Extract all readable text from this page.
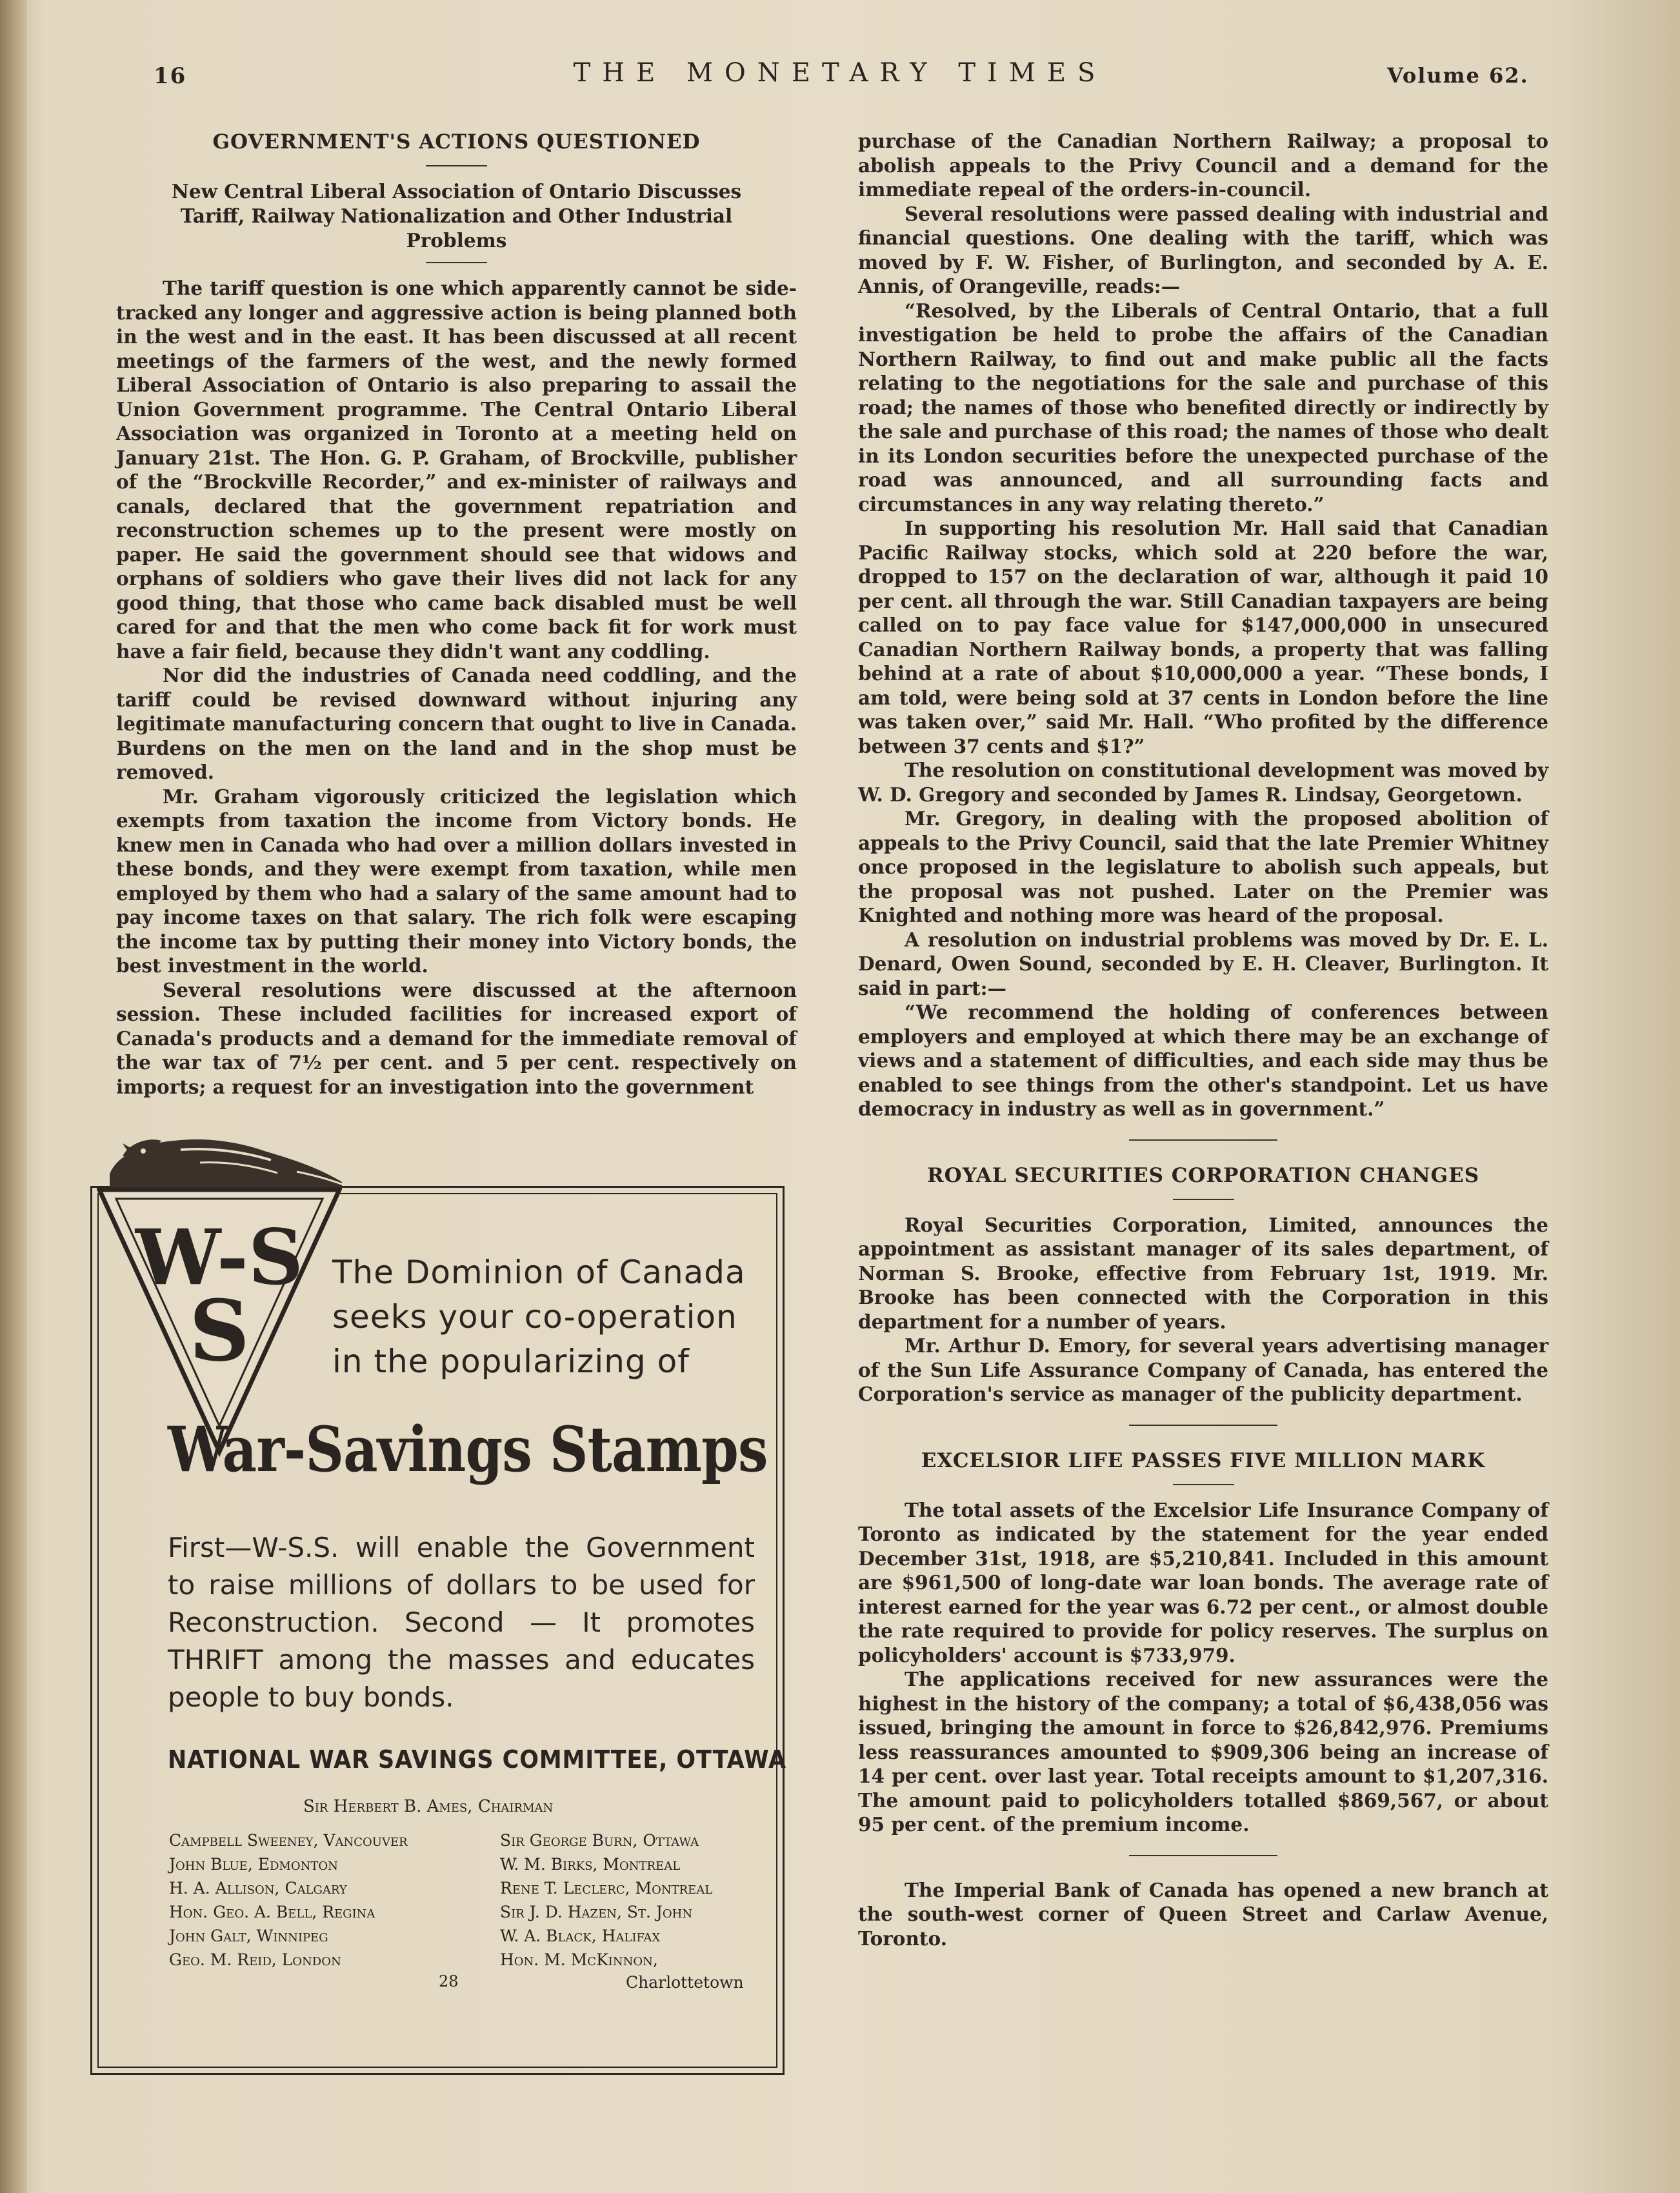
16	THE MONETARY TIMES	Volume 62.
GOVERNMENT'S ACTIONS QUESTIONED
New Central Liberal Association of Ontario Discusses Tariff, Railway Nationalization and Other Industrial Problems

The tariff question is one which apparently cannot be side-tracked any longer and aggressive action is being planned both in the west and in the east. It has been discussed at all recent meetings of the farmers of the west, and the newly formed Liberal Association of Ontario is also preparing to assail the Union Government programme. The Central Ontario Liberal Association was organized in Toronto at a meeting held on January 21st. The Hon. G. P. Graham, of Brockville, publisher of the “Brockville Recorder,” and ex-minister of railways and canals, declared that the government repatriation and reconstruction schemes up to the present were mostly on paper. He said the government should see that widows and orphans of soldiers who gave their lives did not lack for any good thing, that those who came back disabled must be well cared for and that the men who come back fit for work must have a fair field, because they didn't want any coddling.

Nor did the industries of Canada need coddling, and the tariff could be revised downward without injuring any legitimate manufacturing concern that ought to live in Canada. Burdens on the men on the land and in the shop must be removed.

Mr. Graham vigorously criticized the legislation which exempts from taxation the income from Victory bonds. He knew men in Canada who had over a million dollars invested in these bonds, and they were exempt from taxation, while men employed by them who had a salary of the same amount had to pay income taxes on that salary. The rich folk were escaping the income tax by putting their money into Victory bonds, the best investment in the world.

Several resolutions were discussed at the afternoon session. These included facilities for increased export of Canada's products and a demand for the immediate removal of the war tax of 7½ per cent. and 5 per cent. respectively on imports; a request for an investigation into the government

purchase of the Canadian Northern Railway; a proposal to abolish appeals to the Privy Council and a demand for the immediate repeal of the orders-in-council.

Several resolutions were passed dealing with industrial and financial questions. One dealing with the tariff, which was moved by F. W. Fisher, of Burlington, and seconded by A. E. Annis, of Orangeville, reads:—

“Resolved, by the Liberals of Central Ontario, that a full investigation be held to probe the affairs of the Canadian Northern Railway, to find out and make public all the facts relating to the negotiations for the sale and purchase of this road; the names of those who benefited directly or indirectly by the sale and purchase of this road; the names of those who dealt in its London securities before the unexpected purchase of the road was announced, and all surrounding facts and circumstances in any way relating thereto.”

In supporting his resolution Mr. Hall said that Canadian Pacific Railway stocks, which sold at 220 before the war, dropped to 157 on the declaration of war, although it paid 10 per cent. all through the war. Still Canadian taxpayers are being called on to pay face value for $147,000,000 in unsecured Canadian Northern Railway bonds, a property that was falling behind at a rate of about $10,000,000 a year. “These bonds, I am told, were being sold at 37 cents in London before the line was taken over,” said Mr. Hall. “Who profited by the difference between 37 cents and $1?”

The resolution on constitutional development was moved by W. D. Gregory and seconded by James R. Lindsay, Georgetown.

Mr. Gregory, in dealing with the proposed abolition of appeals to the Privy Council, said that the late Premier Whitney once proposed in the legislature to abolish such appeals, but the proposal was not pushed. Later on the Premier was Knighted and nothing more was heard of the proposal.

A resolution on industrial problems was moved by Dr. E. L. Denard, Owen Sound, seconded by E. H. Cleaver, Burlington. It said in part:—

“We recommend the holding of conferences between employers and employed at which there may be an exchange of views and a statement of difficulties, and each side may thus be enabled to see things from the other's standpoint. Let us have democracy in industry as well as in government.”

ROYAL SECURITIES CORPORATION CHANGES

Royal Securities Corporation, Limited, announces the appointment as assistant manager of its sales department, of Norman S. Brooke, effective from February 1st, 1919. Mr. Brooke has been connected with the Corporation in this department for a number of years.

Mr. Arthur D. Emory, for several years advertising manager of the Sun Life Assurance Company of Canada, has entered the Corporation's service as manager of the publicity department.

EXCELSIOR LIFE PASSES FIVE MILLION MARK

The total assets of the Excelsior Life Insurance Company of Toronto as indicated by the statement for the year ended December 31st, 1918, are $5,210,841. Included in this amount are $961,500 of long-date war loan bonds. The average rate of interest earned for the year was 6.72 per cent., or almost double the rate required to provide for policy reserves. The surplus on policyholders' account is $733,979.

The applications received for new assurances were the highest in the history of the company; a total of $6,438,056 was issued, bringing the amount in force to $26,842,976. Premiums less reassurances amounted to $909,306 being an increase of 14 per cent. over last year. Total receipts amount to $1,207,316. The amount paid to policyholders totalled $869,567, or about 95 per cent. of the premium income.

The Imperial Bank of Canada has opened a new branch at the south-west corner of Queen Street and Carlaw Avenue, Toronto.

W-S
S
The Dominion of Canada seeks your co-operation in the popularizing of
War-Savings Stamps
First—W-S.S. will enable the Government to raise millions of dollars to be used for Reconstruction. Second — It promotes THRIFT among the masses and educates people to buy bonds.
NATIONAL WAR SAVINGS COMMITTEE, OTTAWA
Sir Herbert B. Ames, Chairman
Campbell Sweeney, Vancouver
John Blue, Edmonton
H. A. Allison, Calgary
Hon. Geo. A. Bell, Regina
John Galt, Winnipeg
Geo. M. Reid, London
Sir George Burn, Ottawa
W. M. Birks, Montreal
Rene T. Leclerc, Montreal
Sir J. D. Hazen, St. John
W. A. Black, Halifax
Hon. M. McKinnon,
28	Charlottetown
